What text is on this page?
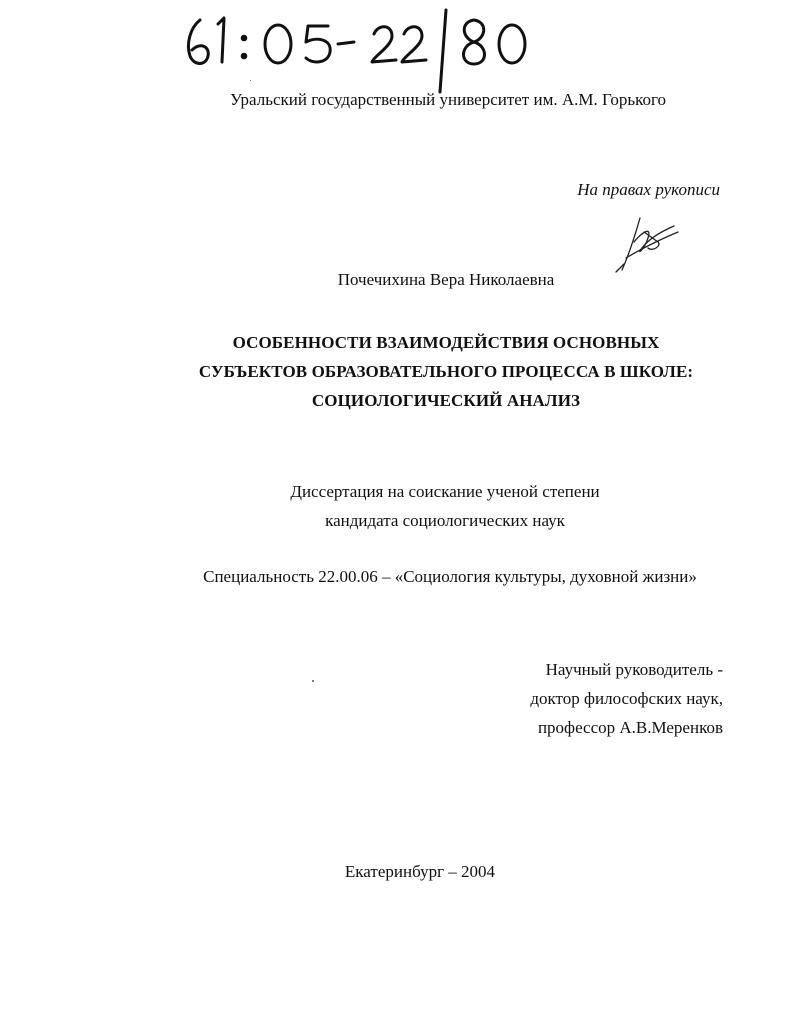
Уральский государственный университет им. А.М. Горького
На правах рукописи
Почечихина Вера Николаевна
ОСОБЕННОСТИ ВЗАИМОДЕЙСТВИЯ ОСНОВНЫХ
СУБЪЕКТОВ ОБРАЗОВАТЕЛЬНОГО ПРОЦЕССА В ШКОЛЕ:
СОЦИОЛОГИЧЕСКИЙ АНАЛИЗ
Диссертация на соискание ученой степени
кандидата социологических наук
Специальность 22.00.06 – «Социология культуры, духовной жизни»
Научный руководитель -
доктор философских наук,
профессор А.В.Меренков
Екатеринбург – 2004
